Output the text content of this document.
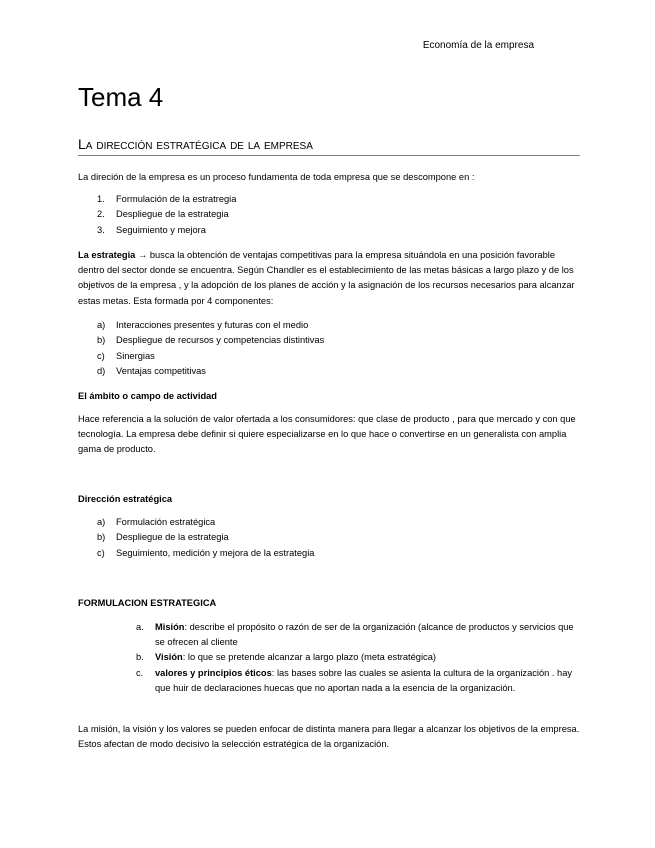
Economía de la empresa
Tema 4
La dirección estratégica de la empresa
La direción de la empresa es un proceso fundamenta de toda empresa que se descompone en :
1.	Formulación de la estratregia
2.	Despliegue de la estrategia
3.	Seguimiento y mejora
La estrategia → busca la obtención de ventajas competitivas para la empresa situándola en una posición favorable dentro del sector donde se encuentra. Según Chandler es el establecimiento de las metas básicas a largo plazo y de los objetivos de la empresa , y la adopción de los planes de acción y la asignación de los recursos necesarios para alcanzar estas metas. Esta formada por 4 componentes:
a)	Interacciones presentes y futuras con el medio
b)	Despliegue de recursos y competencias distintivas
c)	Sinergias
d)	Ventajas competitivas
El ámbito o campo de actividad
Hace referencia a la solución de valor ofertada a los consumidores: que clase de producto , para que mercado y con que tecnología. La empresa debe definir si quiere especializarse en lo que hace o convertirse en un generalista con amplia gama de producto.
Dirección estratégica
a)	Formulación estratégica
b)	Despliegue de la estrategia
c)	Seguimiento, medición y mejora de la estrategia
FORMULACION ESTRATEGICA
a.	Misión: describe el propósito o razón de ser de la organización (alcance de productos y servicios que se ofrecen al cliente
b.	Visión: lo que se pretende alcanzar a largo plazo (meta estratégica)
c.	valores y principios éticos: las bases sobre las cuales se asienta la cultura de la organización . hay que huir de declaraciones huecas que no aportan nada a la esencia de la organización.
La misión, la visión y los valores se pueden enfocar de distinta manera para llegar a alcanzar los objetivos de la empresa. Estos afectan de modo decisivo la selección estratégica de la organización.
